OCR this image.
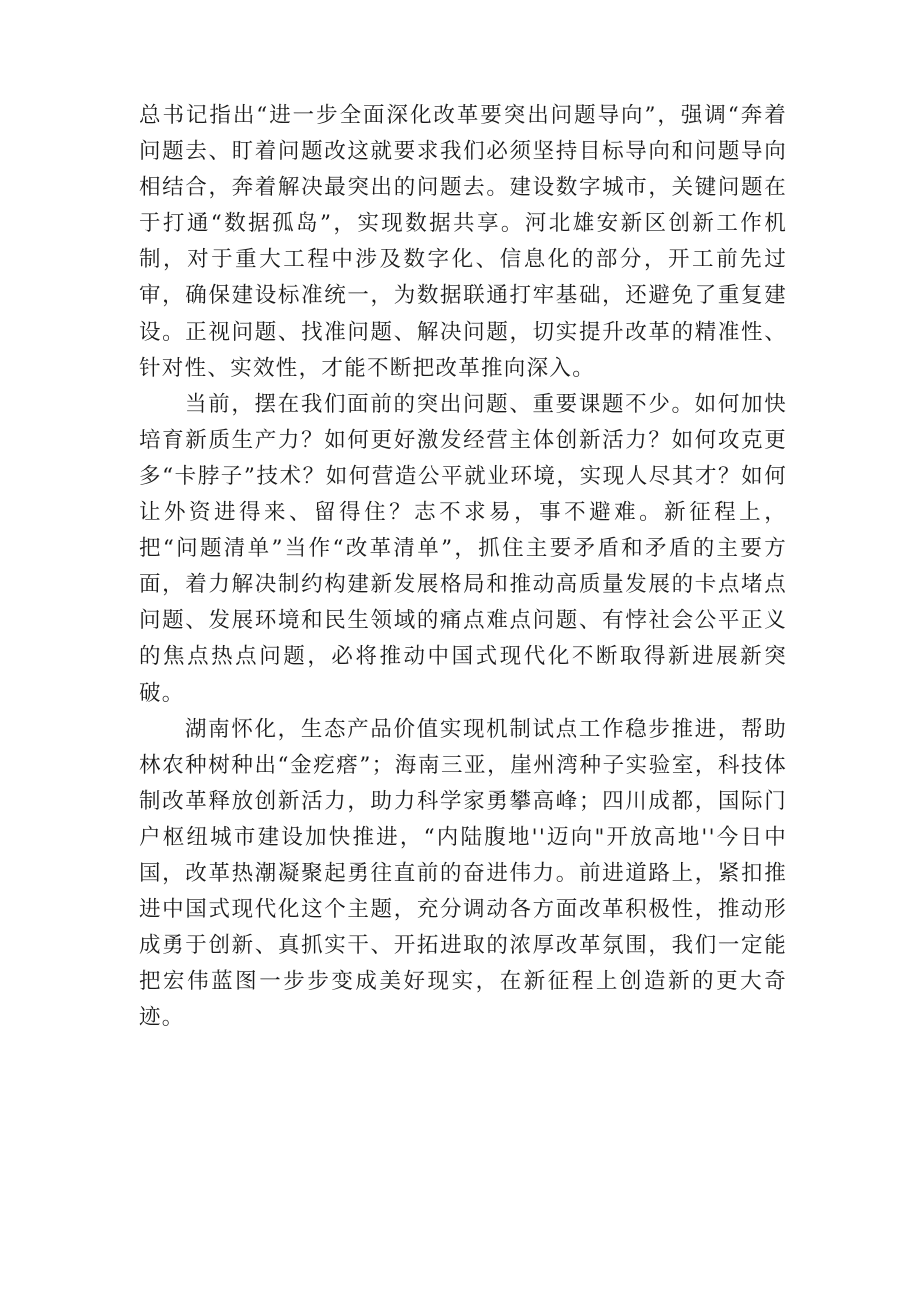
总书记指出“进一步全面深化改革要突出问题导向”，强调“奔着问题去、盯着问题改这就要求我们必须坚持目标导向和问题导向相结合，奔着解决最突出的问题去。建设数字城市，关键问题在于打通“数据孤岛”，实现数据共享。河北雄安新区创新工作机制，对于重大工程中涉及数字化、信息化的部分，开工前先过审，确保建设标准统一，为数据联通打牢基础，还避免了重复建设。正视问题、找准问题、解决问题，切实提升改革的精准性、针对性、实效性，才能不断把改革推向深入。

当前，摆在我们面前的突出问题、重要课题不少。如何加快培育新质生产力？如何更好激发经营主体创新活力？如何攻克更多“卡脖子”技术？如何营造公平就业环境，实现人尽其才？如何让外资进得来、留得住？志不求易，事不避难。新征程上，把“问题清单”当作“改革清单”，抓住主要矛盾和矛盾的主要方面，着力解决制约构建新发展格局和推动高质量发展的卡点堵点问题、发展环境和民生领域的痛点难点问题、有悖社会公平正义的焦点热点问题，必将推动中国式现代化不断取得新进展新突破。

湖南怀化，生态产品价值实现机制试点工作稳步推进，帮助林农种树种出“金疙瘩”；海南三亚，崖州湾种子实验室，科技体制改革释放创新活力，助力科学家勇攀高峰；四川成都，国际门户枢纽城市建设加快推进，“内陆腹地''迈向"开放高地''今日中国，改革热潮凝聚起勇往直前的奋进伟力。前进道路上，紧扣推进中国式现代化这个主题，充分调动各方面改革积极性，推动形成勇于创新、真抓实干、开拓进取的浓厚改革氛围，我们一定能把宏伟蓝图一步步变成美好现实，在新征程上创造新的更大奇迹。
